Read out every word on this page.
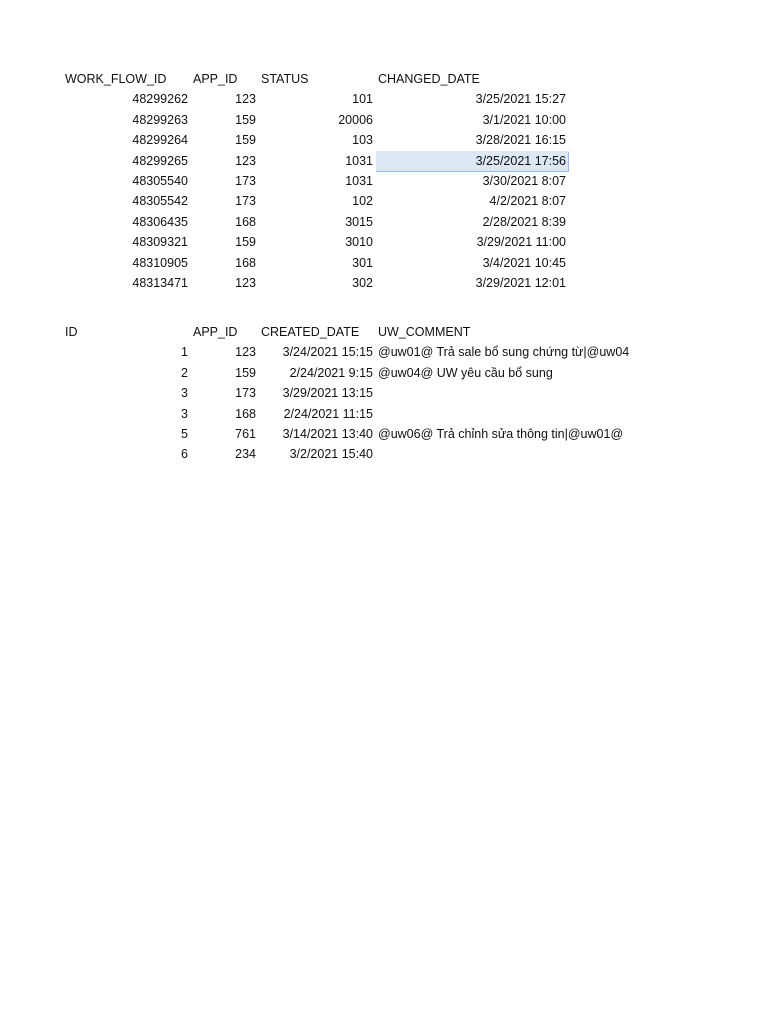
WORK_FLOW_ID	APP_ID	STATUS	CHANGED_DATE
48299262	123	101	3/25/2021 15:27
48299263	159	20006	3/1/2021 10:00
48299264	159	103	3/28/2021 16:15
48299265	123	1031	3/25/2021 17:56
48305540	173	1031	3/30/2021 8:07
48305542	173	102	4/2/2021 8:07
48306435	168	3015	2/28/2021 8:39
48309321	159	3010	3/29/2021 11:00
48310905	168	301	3/4/2021 10:45
48313471	123	302	3/29/2021 12:01
ID	APP_ID	CREATED_DATE	UW_COMMENT
1	123	3/24/2021 15:15	@uw01@ Trả sale bổ sung chứng từ|@uw04
2	159	2/24/2021 9:15	@uw04@ UW yêu cầu bổ sung
3	173	3/29/2021 13:15	
3	168	2/24/2021 11:15	
5	761	3/14/2021 13:40	@uw06@ Trả chỉnh sửa thông tin|@uw01@
6	234	3/2/2021 15:40	
